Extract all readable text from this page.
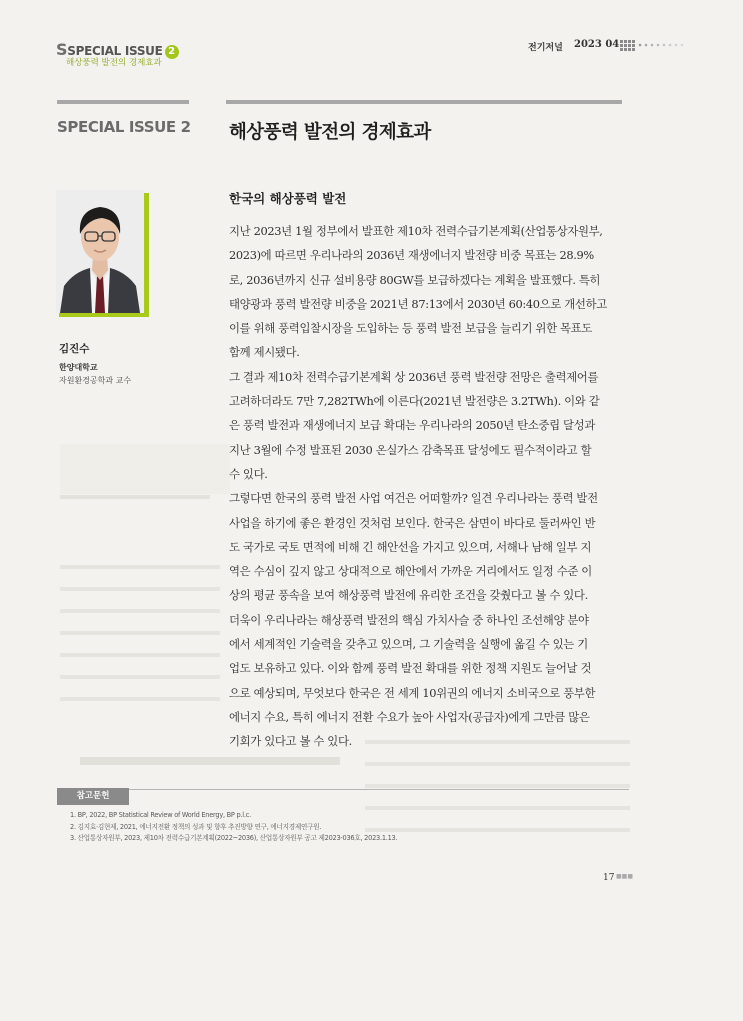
SSPECIAL ISSUE 2
해상풍력 발전의 경제효과
전기저널 2023 04
SPECIAL ISSUE 2 해상풍력 발전의 경제효과
김진수
한양대학교
자원환경공학과 교수
한국의 해상풍력 발전
지난 2023년 1월 정부에서 발표한 제10차 전력수급기본계획(산업통상자원부,
2023)에 따르면 우리나라의 2036년 재생에너지 발전량 비중 목표는 28.9%
로, 2036년까지 신규 설비용량 80GW를 보급하겠다는 계획을 발표했다. 특히
태양광과 풍력 발전량 비중을 2021년 87:13에서 2030년 60:40으로 개선하고
이를 위해 풍력입찰시장을 도입하는 등 풍력 발전 보급을 늘리기 위한 목표도
함께 제시됐다.
그 결과 제10차 전력수급기본계획 상 2036년 풍력 발전량 전망은 출력제어를
고려하더라도 7만 7,282TWh에 이른다(2021년 발전량은 3.2TWh). 이와 같
은 풍력 발전과 재생에너지 보급 확대는 우리나라의 2050년 탄소중립 달성과
지난 3월에 수정 발표된 2030 온실가스 감축목표 달성에도 필수적이라고 할
수 있다.
그렇다면 한국의 풍력 발전 사업 여건은 어떠할까? 일견 우리나라는 풍력 발전
사업을 하기에 좋은 환경인 것처럼 보인다. 한국은 삼면이 바다로 둘러싸인 반
도 국가로 국토 면적에 비해 긴 해안선을 가지고 있으며, 서해나 남해 일부 지
역은 수심이 깊지 않고 상대적으로 해안에서 가까운 거리에서도 일정 수준 이
상의 평균 풍속을 보여 해상풍력 발전에 유리한 조건을 갖췄다고 볼 수 있다.
더욱이 우리나라는 해상풍력 발전의 핵심 가치사슬 중 하나인 조선해양 분야
에서 세계적인 기술력을 갖추고 있으며, 그 기술력을 실행에 옮길 수 있는 기
업도 보유하고 있다. 이와 함께 풍력 발전 확대를 위한 정책 지원도 늘어날 것
으로 예상되며, 무엇보다 한국은 전 세계 10위권의 에너지 소비국으로 풍부한
에너지 수요, 특히 에너지 전환 수요가 높아 사업자(공급자)에게 그만큼 많은
기회가 있다고 볼 수 있다.
참고문헌
1. BP, 2022, BP Statistical Review of World Energy, BP p.l.c.
2. 김지효·김현제, 2021, 에너지전환 정책의 성과 및 향후 추진방향 연구, 에너지경제연구원.
3. 산업통상자원부, 2023, 제10차 전력수급기본계획(2022~2036), 산업통상자원부 공고 제2023-036호, 2023.1.13.
17 ■■■
